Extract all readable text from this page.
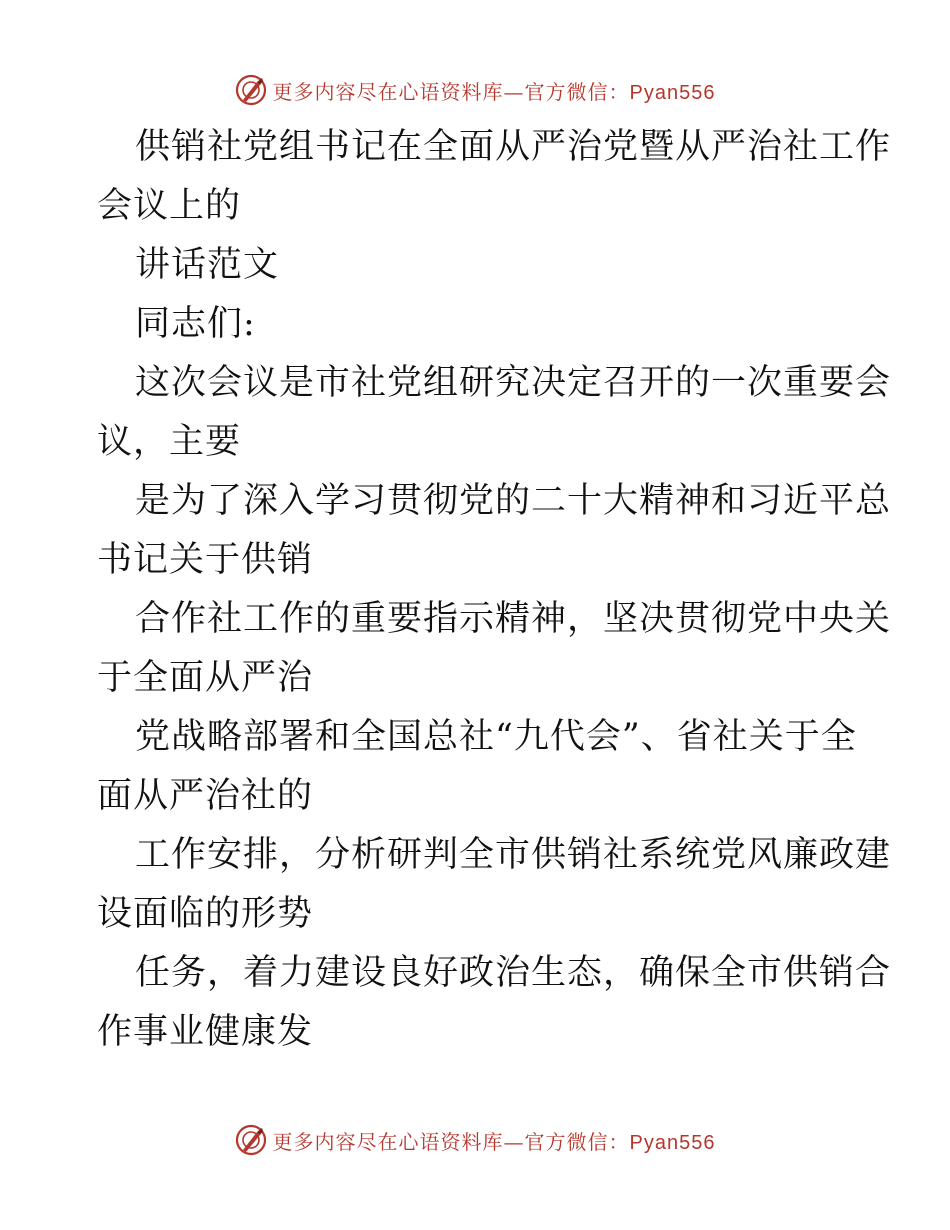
更多内容尽在心语资料库—官方微信：Pyan556
供销社党组书记在全面从严治党暨从严治社工作
会议上的
讲话范文
同志们:
这次会议是市社党组研究决定召开的一次重要会
议，主要
是为了深入学习贯彻党的二十大精神和习近平总
书记关于供销
合作社工作的重要指示精神，坚决贯彻党中央关
于全面从严治
党战略部署和全国总社“九代会”、省社关于全
面从严治社的
工作安排，分析研判全市供销社系统党风廉政建
设面临的形势
任务，着力建设良好政治生态，确保全市供销合
作事业健康发
更多内容尽在心语资料库—官方微信：Pyan556
